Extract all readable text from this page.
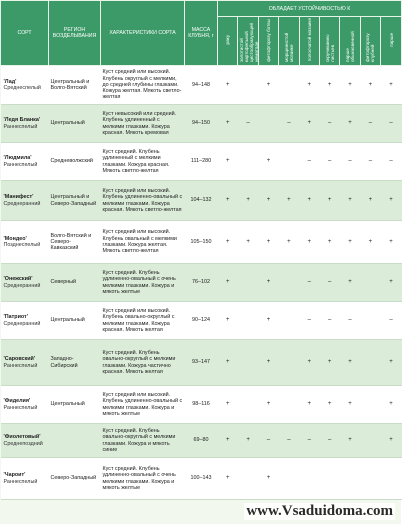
СОРТ	РЕГИОН ВОЗДЕЛЫВАНИЯ	ХАРАКТЕРИСТИКИ СОРТА	МАССА КЛУБНЯ, г	ОБЛАДАЕТ УСТОЙЧИВОСТЬЮ К								
				раку	золотистой картофельной цистообразующей нематоде	фитофторозу ботвы	морщинистой мозаике	полосчатой мозаике	скручиванию листьев	парше обыкновенной	фитофторозу клубней	парше

'Лад'
Среднеспелый	Центральный и Волго-Вятский	Куст средний или высокий. Клубень округлый с мелкими, до средней глубины глазками. Кожура желтая. Мякоть светло-желтая	94–148	+		+		+	+	+	+	+

'Ледя Бланка'
Раннеспелый	Центральный	Куст невысокий или средний. Клубень удлиненный с мелкими глазками. Кожура красная. Мякоть кремовая	94–150	+	–		–	+	–	+	–	–

'Людмила'
Раннеспелый	Средневолжский	Куст средний. Клубень удлиненный с мелкими глазками. Кожура красная. Мякоть светло-желтая	111–280	+		+		–	–	–	–	–

'Манифест'
Среднеранний	Центральный и Северо-Западный	Куст средний или высокий. Клубень удлиненно-овальный с мелкими глазками. Кожура красная. Мякоть светло-желтая	104–132	+	+	+	+	+	+	+	+	+

'Мондео'
Позднеспелый	Волго-Вятский и Северо-Кавказский	Куст средний или высокий. Клубень овальный с мелкими глазками. Кожура желтая. Мякоть светло-желтая	105–150	+	+	+	+	+	+	+	+	+

'Онежский'
Среднеранний	Северный	Куст средний. Клубень удлиненно-овальный с очень мелкими глазками. Кожура и мякоть желтые	76–102	+		+		–	–	+		+

'Патриот'
Среднеранний	Центральный	Куст средний или высокий. Клубень овально-округлый с мелкими глазками. Кожура красная. Мякоть желтая	90–124	+		+		–	–	–		–

'Саровский'
Раннеспелый	Западно-Сибирский	Куст средний. Клубень овально-округлый с мелкими глазками. Кожура частично красная. Мякоть желтая	93–147	+		+		+	+	+		+

'Фиделия'
Раннеспелый	Центральный	Куст средний или высокий. Клубень удлиненно-овальный с мелкими глазками. Кожура и мякоть желтые	98–116	+		+		+	+	+		+

'Фиолетовый'
Среднепоздний		Куст средний. Клубень овально-округлый с мелкими глазками. Кожура и мякоть синие	69–80	+	+	–	–	–	–	+		+

'Чароит'
Раннеспелый	Северо-Западный	Куст средний. Клубень удлиненно-овальный с очень мелкими глазками. Кожура и мякоть желтые	100–143	+		+						
www.Vsaduidoma.com
